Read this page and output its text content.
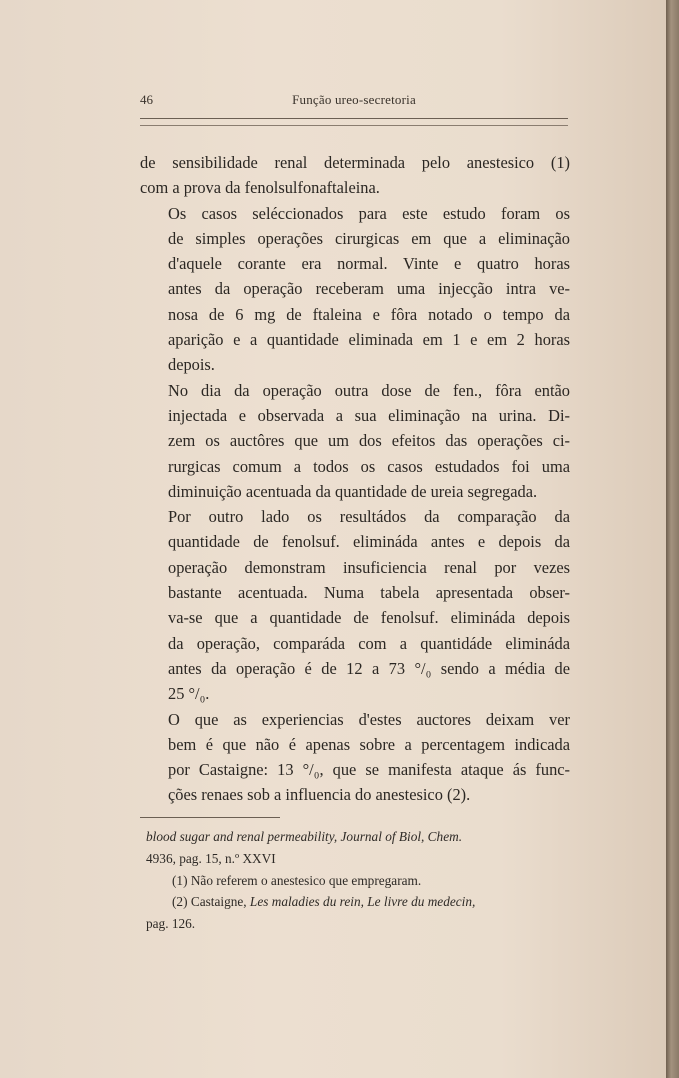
46	Função ureo-secretoria

de sensibilidade renal determinada pelo anestesico (1)
com a prova da fenolsulfonaftaleina.

Os casos seléccionados para este estudo foram os
de simples operações cirurgicas em que a eliminação
d'aquele corante era normal. Vinte e quatro horas
antes da operação receberam uma injecção intra ve-
nosa de 6 mg de ftaleina e fôra notado o tempo da
aparição e a quantidade eliminada em 1 e em 2 horas
depois.

No dia da operação outra dose de fen., fôra então
injectada e observada a sua eliminação na urina. Di-
zem os auctôres que um dos efeitos das operações ci-
rurgicas comum a todos os casos estudados foi uma
diminuição acentuada da quantidade de ureia segregada.

Por outro lado os resultádos da comparação da
quantidade de fenolsuf. elimináda antes e depois da
operação demonstram insuficiencia renal por vezes
bastante acentuada. Numa tabela apresentada obser-
va-se que a quantidade de fenolsuf. elimináda depois
da operação, comparáda com a quantidáde elimináda
antes da operação é de 12 a 73 °/₀ sendo a média de
25 °/₀.

O que as experiencias d'estes auctores deixam ver
bem é que não é apenas sobre a percentagem indicada
por Castaigne: 13 °/₀, que se manifesta ataque ás func-
ções renaes sob a influencia do anestesico (2).

blood sugar and renal permeability, Journal of Biol, Chem.
4936, pag. 15, n.º XXVI
(1) Não referem o anestesico que empregaram.
(2) Castaigne, Les maladies du rein, Le livre du medecin,
pag. 126.
